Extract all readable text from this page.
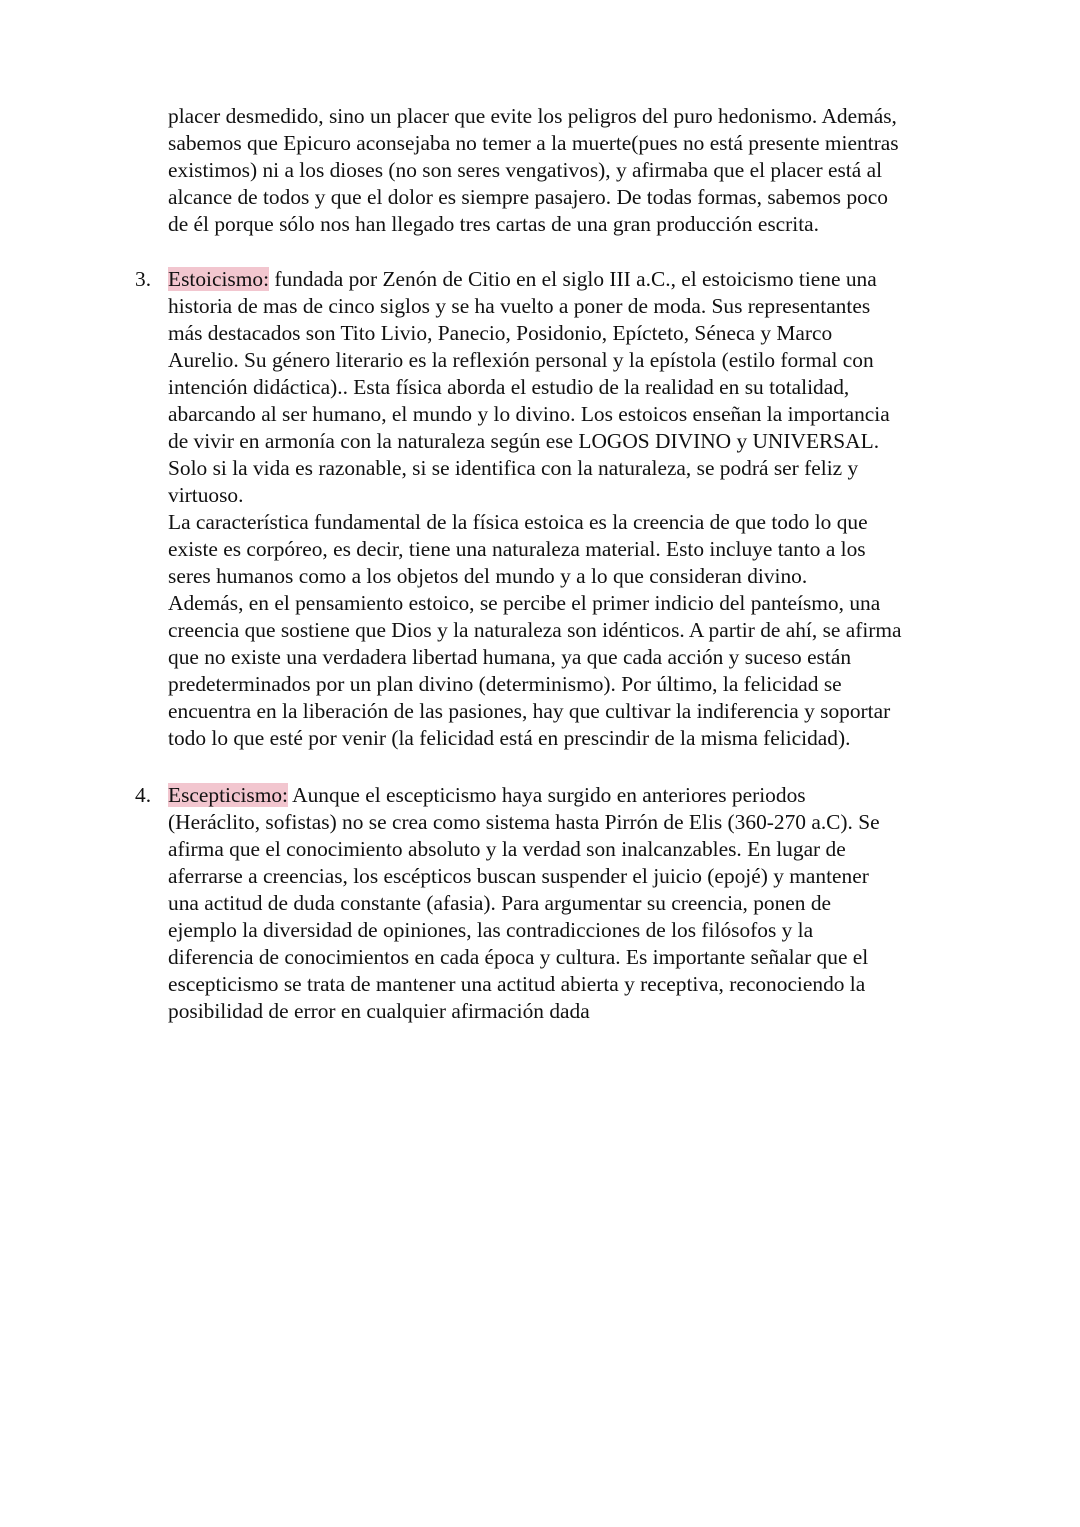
placer desmedido, sino un placer que evite los peligros del puro hedonismo. Además,
sabemos que Epicuro aconsejaba no temer a la muerte(pues no está presente mientras
existimos) ni a los dioses (no son seres vengativos), y afirmaba que el placer está al
alcance de todos y que el dolor es siempre pasajero. De todas formas, sabemos poco
de él porque sólo nos han llegado tres cartas de una gran producción escrita.
3. Estoicismo: fundada por Zenón de Citio en el siglo III a.C., el estoicismo tiene una
historia de mas de cinco siglos y se ha vuelto a poner de moda. Sus representantes
más destacados son Tito Livio, Panecio, Posidonio, Epícteto, Séneca y Marco
Aurelio. Su género literario es la reflexión personal y la epístola (estilo formal con
intención didáctica).. Esta física aborda el estudio de la realidad en su totalidad,
abarcando al ser humano, el mundo y lo divino. Los estoicos enseñan la importancia
de vivir en armonía con la naturaleza según ese LOGOS DIVINO y UNIVERSAL.
Solo si la vida es razonable, si se identifica con la naturaleza, se podrá ser feliz y
virtuoso.
La característica fundamental de la física estoica es la creencia de que todo lo que
existe es corpóreo, es decir, tiene una naturaleza material. Esto incluye tanto a los
seres humanos como a los objetos del mundo y a lo que consideran divino.
Además, en el pensamiento estoico, se percibe el primer indicio del panteísmo, una
creencia que sostiene que Dios y la naturaleza son idénticos. A partir de ahí, se afirma
que no existe una verdadera libertad humana, ya que cada acción y suceso están
predeterminados por un plan divino (determinismo). Por último, la felicidad se
encuentra en la liberación de las pasiones, hay que cultivar la indiferencia y soportar
todo lo que esté por venir (la felicidad está en prescindir de la misma felicidad).
4. Escepticismo: Aunque el escepticismo haya surgido en anteriores periodos
(Heráclito, sofistas) no se crea como sistema hasta Pirrón de Elis (360-270 a.C). Se
afirma que el conocimiento absoluto y la verdad son inalcanzables. En lugar de
aferrarse a creencias, los escépticos buscan suspender el juicio (epojé) y mantener
una actitud de duda constante (afasia). Para argumentar su creencia, ponen de
ejemplo la diversidad de opiniones, las contradicciones de los filósofos y la
diferencia de conocimientos en cada época y cultura. Es importante señalar que el
escepticismo se trata de mantener una actitud abierta y receptiva, reconociendo la
posibilidad de error en cualquier afirmación dada
